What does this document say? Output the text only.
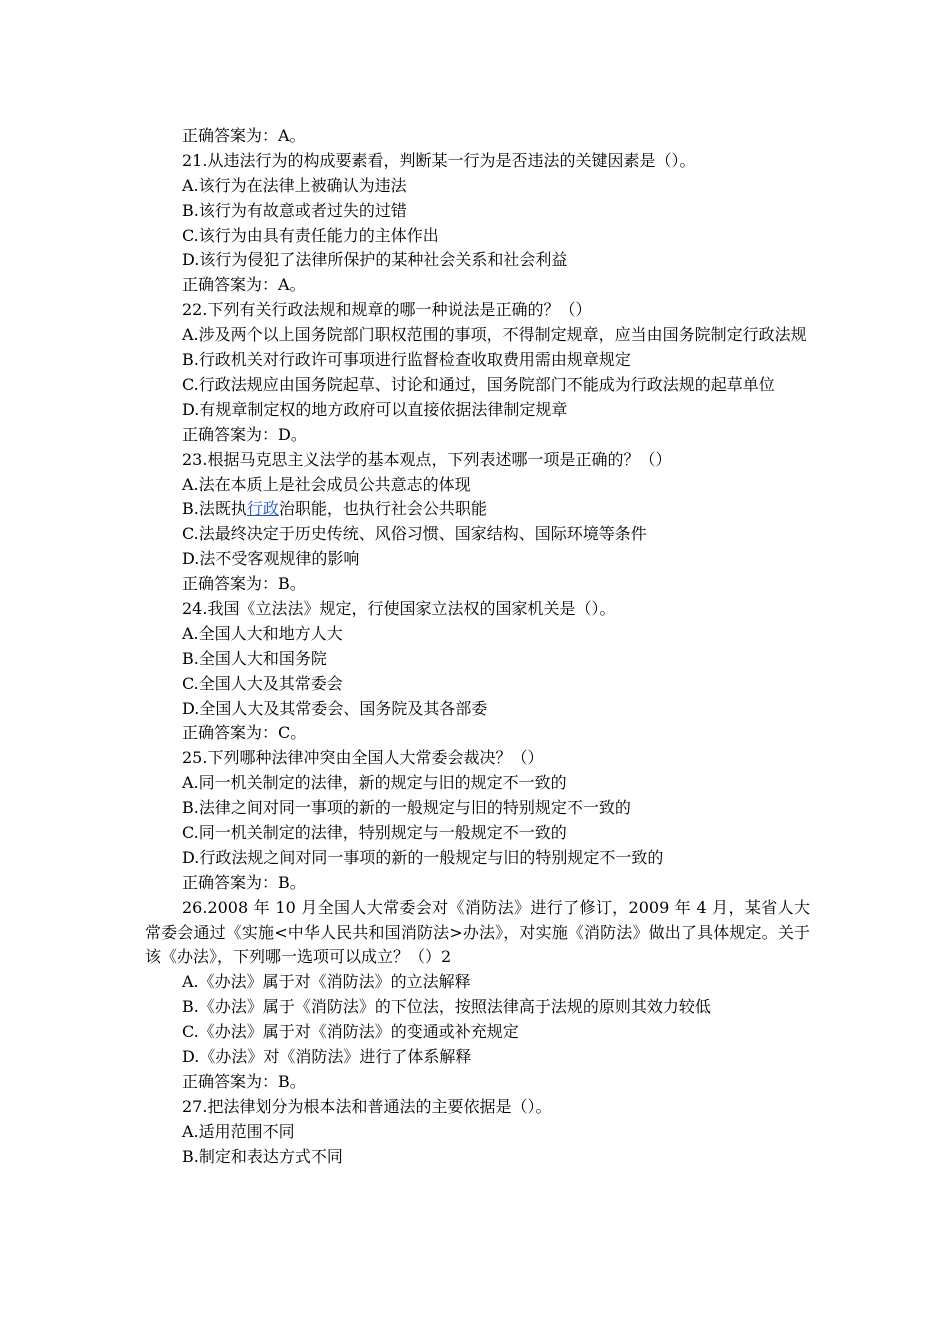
正确答案为：A。
21.从违法行为的构成要素看，判断某一行为是否违法的关键因素是（）。
A.该行为在法律上被确认为违法
B.该行为有故意或者过失的过错
C.该行为由具有责任能力的主体作出
D.该行为侵犯了法律所保护的某种社会关系和社会利益
正确答案为：A。
22.下列有关行政法规和规章的哪一种说法是正确的？（）
A.涉及两个以上国务院部门职权范围的事项，不得制定规章，应当由国务院制定行政法规
B.行政机关对行政许可事项进行监督检查收取费用需由规章规定
C.行政法规应由国务院起草、讨论和通过，国务院部门不能成为行政法规的起草单位
D.有规章制定权的地方政府可以直接依据法律制定规章
正确答案为：D。
23.根据马克思主义法学的基本观点，下列表述哪一项是正确的？（）
A.法在本质上是社会成员公共意志的体现
B.法既执行政治职能，也执行社会公共职能
C.法最终决定于历史传统、风俗习惯、国家结构、国际环境等条件
D.法不受客观规律的影响
正确答案为：B。
24.我国《立法法》规定，行使国家立法权的国家机关是（）。
A.全国人大和地方人大
B.全国人大和国务院
C.全国人大及其常委会
D.全国人大及其常委会、国务院及其各部委
正确答案为：C。
25.下列哪种法律冲突由全国人大常委会裁决？（）
A.同一机关制定的法律，新的规定与旧的规定不一致的
B.法律之间对同一事项的新的一般规定与旧的特别规定不一致的
C.同一机关制定的法律，特别规定与一般规定不一致的
D.行政法规之间对同一事项的新的一般规定与旧的特别规定不一致的
正确答案为：B。
26.2008 年 10 月全国人大常委会对《消防法》进行了修订，2009 年 4 月，某省人大常委会通过《实施<中华人民共和国消防法>办法》，对实施《消防法》做出了具体规定。关于该《办法》，下列哪一选项可以成立？（）2
A.《办法》属于对《消防法》的立法解释
B.《办法》属于《消防法》的下位法，按照法律高于法规的原则其效力较低
C.《办法》属于对《消防法》的变通或补充规定
D.《办法》对《消防法》进行了体系解释
正确答案为：B。
27.把法律划分为根本法和普通法的主要依据是（）。
A.适用范围不同
B.制定和表达方式不同
